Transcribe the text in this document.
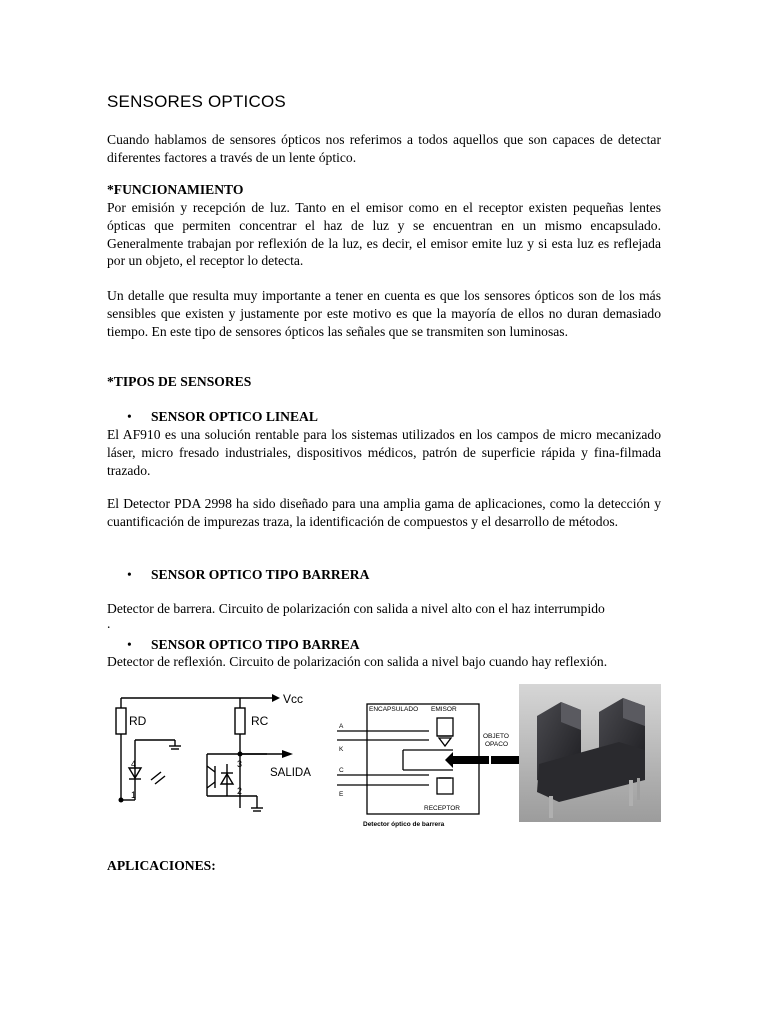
SENSORES OPTICOS

Cuando hablamos de sensores ópticos nos referimos a todos aquellos que son capaces de detectar diferentes factores a través de un lente óptico.

*FUNCIONAMIENTO

Por emisión y recepción de luz. Tanto en el emisor como en el receptor existen pequeñas lentes ópticas que permiten concentrar el haz de luz y se encuentran en un mismo encapsulado. Generalmente trabajan por reflexión de la luz, es decir, el emisor emite luz y si esta luz es reflejada por un objeto, el receptor lo detecta.

Un detalle que resulta muy importante a tener en cuenta es que los sensores ópticos son de los más sensibles que existen y justamente por este motivo es que la mayoría de ellos no duran demasiado tiempo. En este tipo de sensores ópticos las señales que se transmiten son luminosas.

*TIPOS DE SENSORES

• SENSOR OPTICO LINEAL

El AF910 es una solución rentable para los sistemas utilizados en los campos de micro mecanizado láser, micro fresado industriales, dispositivos médicos, patrón de superficie rápida y fina-filmada trazado.

El Detector PDA 2998 ha sido diseñado para una amplia gama de aplicaciones, como la detección y cuantificación de impurezas traza, la identificación de compuestos y el desarrollo de métodos.

• SENSOR OPTICO TIPO BARRERA

Detector de barrera. Circuito de polarización con salida a nivel alto con el haz interrumpido

.

• SENSOR OPTICO TIPO BARREA

Detector de reflexión. Circuito de polarización con salida a nivel bajo cuando hay reflexión.

APLICACIONES:

Vcc
RD	RC
SALIDA
4
1
3
2
ENCAPSULADO EMISOR
RECEPTOR
OBJETO
OPACO
A
K
C
E
Detector óptico de barrera
